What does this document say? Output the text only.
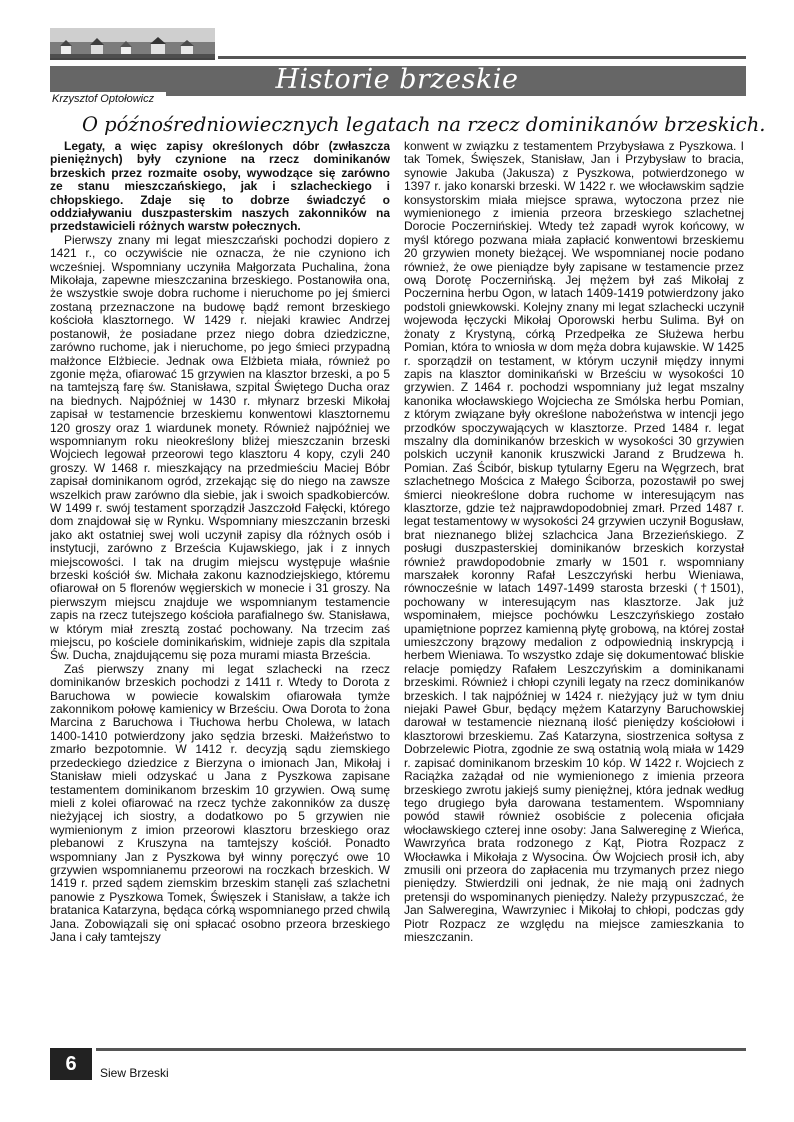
Historie brzeskie
Krzysztof Optołowicz
O późnośredniowiecznych legatach na rzecz dominikanów brzeskich.

Legaty, a więc zapisy określonych dóbr (zwłaszcza pieniężnych) były czynione na rzecz dominikanów brzeskich przez rozmaite osoby, wywodzące się zarówno ze stanu mieszczańskiego, jak i szlacheckiego i chłopskiego. Zdaje się to dobrze świadczyć o oddziaływaniu duszpasterskim naszych zakonników na przedstawicieli różnych warstw połecznych.

Pierwszy znany mi legat mieszczański pochodzi dopiero z 1421 r., co oczywiście nie oznacza, że nie czyniono ich wcześniej. Wspomniany uczyniła Małgorzata Puchalina, żona Mikołaja, zapewne mieszczanina brzeskiego. Postanowiła ona, że wszystkie swoje dobra ruchome i nieruchome po jej śmierci zostaną przeznaczone na budowę bądź remont brzeskiego kościoła klasztornego. W 1429 r. niejaki krawiec Andrzej postanowił, że posiadane przez niego dobra dziedziczne, zarówno ruchome, jak i nieruchome, po jego śmieci przypadną małżonce Elżbiecie. Jednak owa Elżbieta miała, również po zgonie męża, ofiarować 15 grzywien na klasztor brzeski, a po 5 na tamtejszą farę św. Stanisława, szpital Świętego Ducha oraz na biednych. Najpóźniej w 1430 r. młynarz brzeski Mikołaj zapisał w testamencie brzeskiemu konwentowi klasztornemu 120 groszy oraz 1 wiardunek monety. Również najpóźniej we wspomnianym roku nieokreślony bliżej mieszczanin brzeski Wojciech legował przeorowi tego klasztoru 4 kopy, czyli 240 groszy. W 1468 r. mieszkający na przedmieściu Maciej Bóbr zapisał dominikanom ogród, zrzekając się do niego na zawsze wszelkich praw zarówno dla siebie, jak i swoich spadkobierców. W 1499 r. swój testament sporządził Jaszczołd Fałęcki, którego dom znajdował się w Rynku. Wspomniany mieszczanin brzeski jako akt ostatniej swej woli uczynił zapisy dla różnych osób i instytucji, zarówno z Brześcia Kujawskiego, jak i z innych miejscowości. I tak na drugim miejscu występuje właśnie brzeski kościół św. Michała zakonu kaznodziejskiego, któremu ofiarował on 5 florenów węgierskich w monecie i 31 groszy. Na pierwszym miejscu znajduje we wspomnianym testamencie zapis na rzecz tutejszego kościoła parafialnego św. Stanisława, w którym miał zresztą zostać pochowany. Na trzecim zaś miejscu, po kościele dominikańskim, widnieje zapis dla szpitala Św. Ducha, znajdującemu się poza murami miasta Brześcia.

Zaś pierwszy znany mi legat szlachecki na rzecz dominikanów brzeskich pochodzi z 1411 r. Wtedy to Dorota z Baruchowa w powiecie kowalskim ofiarowała tymże zakonnikom połowę kamienicy w Brześciu. Owa Dorota to żona Marcina z Baruchowa i Tłuchowa herbu Cholewa, w latach 1400-1410 potwierdzony jako sędzia brzeski. Małżeństwo to zmarło bezpotomnie. W 1412 r. decyzją sądu ziemskiego przedeckiego dziedzice z Bierzyna o imionach Jan, Mikołaj i Stanisław mieli odzyskać u Jana z Pyszkowa zapisane testamentem dominikanom brzeskim 10 grzywien. Ową sumę mieli z kolei ofiarować na rzecz tychże zakonników za duszę nieżyjącej ich siostry, a dodatkowo po 5 grzywien nie wymienionym z imion przeorowi klasztoru brzeskiego oraz plebanowi z Kruszyna na tamtejszy kościół. Ponadto wspomniany Jan z Pyszkowa był winny poręczyć owe 10 grzywien wspomnianemu przeorowi na roczkach brzeskich. W 1419 r. przed sądem ziemskim brzeskim stanęli zaś szlachetni panowie z Pyszkowa Tomek, Święszek i Stanisław, a także ich bratanica Katarzyna, będąca córką wspomnianego przed chwilą Jana. Zobowiązali się oni spłacać osobno przeora brzeskiego Jana i cały tamtejszy

konwent w związku z testamentem Przybysława z Pyszkowa. I tak Tomek, Święszek, Stanisław, Jan i Przybysław to bracia, synowie Jakuba (Jakusza) z Pyszkowa, potwierdzonego w 1397 r. jako konarski brzeski. W 1422 r. we włocławskim sądzie konsystorskim miała miejsce sprawa, wytoczona przez nie wymienionego z imienia przeora brzeskiego szlachetnej Dorocie Poczernińskiej. Wtedy też zapadł wyrok końcowy, w myśl którego pozwana miała zapłacić konwentowi brzeskiemu 20 grzywien monety bieżącej. We wspomnianej nocie podano również, że owe pieniądze były zapisane w testamencie przez ową Dorotę Poczernińską. Jej mężem był zaś Mikołaj z Poczernina herbu Ogon, w latach 1409-1419 potwierdzony jako podstoli gniewkowski. Kolejny znany mi legat szlachecki uczynił wojewoda łęczycki Mikołaj Oporowski herbu Sulima. Był on żonaty z Krystyną, córką Przedpełka ze Służewa herbu Pomian, która to wniosła w dom męża dobra kujawskie. W 1425 r. sporządził on testament, w którym uczynił między innymi zapis na klasztor dominikański w Brześciu w wysokości 10 grzywien. Z 1464 r. pochodzi wspomniany już legat mszalny kanonika włocławskiego Wojciecha ze Smólska herbu Pomian, z którym związane były określone nabożeństwa w intencji jego przodków spoczywających w klasztorze. Przed 1484 r. legat mszalny dla dominikanów brzeskich w wysokości 30 grzywien polskich uczynił kanonik kruszwicki Jarand z Brudzewa h. Pomian. Zaś Ścibór, biskup tytularny Egeru na Węgrzech, brat szlachetnego Mościca z Małego Ściborza, pozostawił po swej śmierci nieokreślone dobra ruchome w interesującym nas klasztorze, gdzie też najprawdopodobniej zmarł. Przed 1487 r. legat testamentowy w wysokości 24 grzywien uczynił Bogusław, brat nieznanego bliżej szlachcica Jana Brzezieńskiego. Z posługi duszpasterskiej dominikanów brzeskich korzystał również prawdopodobnie zmarły w 1501 r. wspomniany marszałek koronny Rafał Leszczyński herbu Wieniawa, równocześnie w latach 1497-1499 starosta brzeski (†1501), pochowany w interesującym nas klasztorze. Jak już wspominałem, miejsce pochówku Leszczyńskiego zostało upamiętnione poprzez kamienną płytę grobową, na której został umieszczony brązowy medalion z odpowiednią inskrypcją i herbem Wieniawa. To wszystko zdaje się dokumentować bliskie relacje pomiędzy Rafałem Leszczyńskim a dominikanami brzeskimi. Również i chłopi czynili legaty na rzecz dominikanów brzeskich. I tak najpóźniej w 1424 r. nieżyjący już w tym dniu niejaki Paweł Gbur, będący mężem Katarzyny Baruchowskiej darował w testamencie nieznaną ilość pieniędzy kościołowi i klasztorowi brzeskiemu. Zaś Katarzyna, siostrzenica sołtysa z Dobrzelewic Piotra, zgodnie ze swą ostatnią wolą miała w 1429 r. zapisać dominikanom brzeskim 10 kóp. W 1422 r. Wojciech z Raciążka zażądał od nie wymienionego z imienia przeora brzeskiego zwrotu jakiejś sumy pieniężnej, która jednak według tego drugiego była darowana testamentem. Wspomniany powód stawił również osobiście z polecenia oficjała włocławskiego czterej inne osoby: Jana Salwereginę z Wieńca, Wawrzyńca brata rodzonego z Kąt, Piotra Rozpacz z Włocławka i Mikołaja z Wysocina. Ów Wojciech prosił ich, aby zmusili oni przeora do zapłacenia mu trzymanych przez niego pieniędzy. Stwierdzili oni jednak, że nie mają oni żadnych pretensji do wspominanych pieniędzy. Należy przypuszczać, że Jan Salweregina, Wawrzyniec i Mikołaj to chłopi, podczas gdy Piotr Rozpacz ze względu na miejsce zamieszkania to mieszczanin.

6	Siew Brzeski
